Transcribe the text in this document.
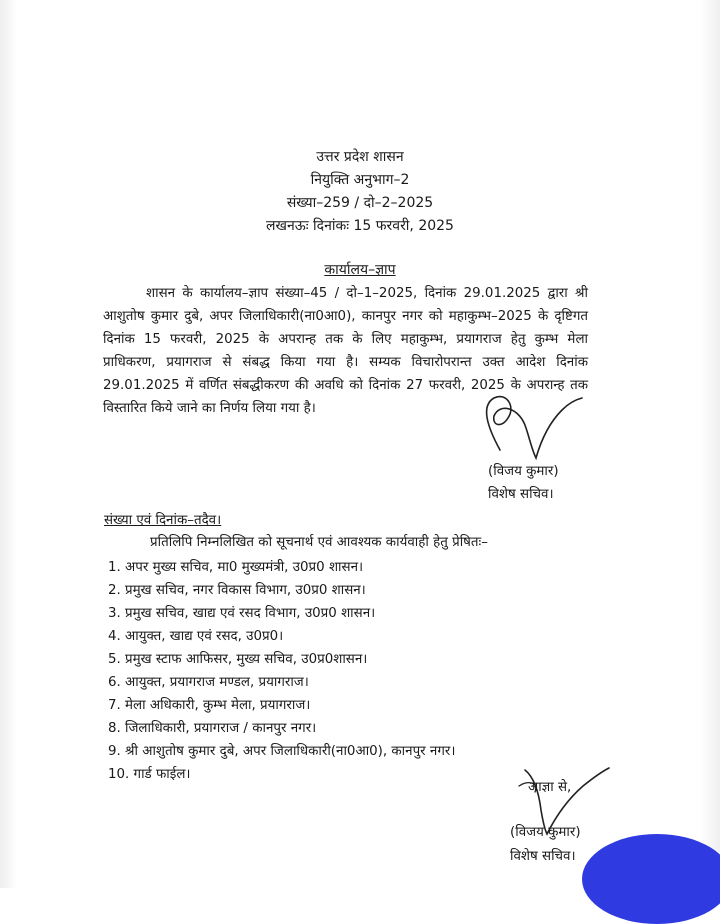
उत्तर प्रदेश शासन
नियुक्ति अनुभाग–2
संख्या–259 / दो–2–2025
लखनऊः दिनांकः 15 फरवरी, 2025
कार्यालय–ज्ञाप
शासन के कार्यालय–ज्ञाप संख्या–45 / दो–1–2025, दिनांक 29.01.2025 द्वारा श्री
आशुतोष कुमार दुबे, अपर जिलाधिकारी(ना0आ0), कानपुर नगर को महाकुम्भ–2025 के दृष्टिगत
दिनांक 15 फरवरी, 2025 के अपरान्ह तक के लिए महाकुम्भ, प्रयागराज हेतु कुम्भ मेला
प्राधिकरण, प्रयागराज से संबद्ध किया गया है। सम्यक विचारोपरान्त उक्त आदेश दिनांक
29.01.2025 में वर्णित संबद्धीकरण की अवधि को दिनांक 27 फरवरी, 2025 के अपरान्ह तक
विस्तारित किये जाने का निर्णय लिया गया है।
(विजय कुमार)
विशेष सचिव।
संख्या एवं दिनांक–तदैव।
प्रतिलिपि निम्नलिखित को सूचनार्थ एवं आवश्यक कार्यवाही हेतु प्रेषितः–
1. अपर मुख्य सचिव, मा0 मुख्यमंत्री, उ0प्र0 शासन।
2. प्रमुख सचिव, नगर विकास विभाग, उ0प्र0 शासन।
3. प्रमुख सचिव, खाद्य एवं रसद विभाग, उ0प्र0 शासन।
4. आयुक्त, खाद्य एवं रसद, उ0प्र0।
5. प्रमुख स्टाफ आफिसर, मुख्य सचिव, उ0प्र0शासन।
6. आयुक्त, प्रयागराज मण्डल, प्रयागराज।
7. मेला अधिकारी, कुम्भ मेला, प्रयागराज।
8. जिलाधिकारी, प्रयागराज / कानपुर नगर।
9. श्री आशुतोष कुमार दुबे, अपर जिलाधिकारी(ना0आ0), कानपुर नगर।
10. गार्ड फाईल।
आज्ञा से,
(विजय कुमार)
विशेष सचिव।
